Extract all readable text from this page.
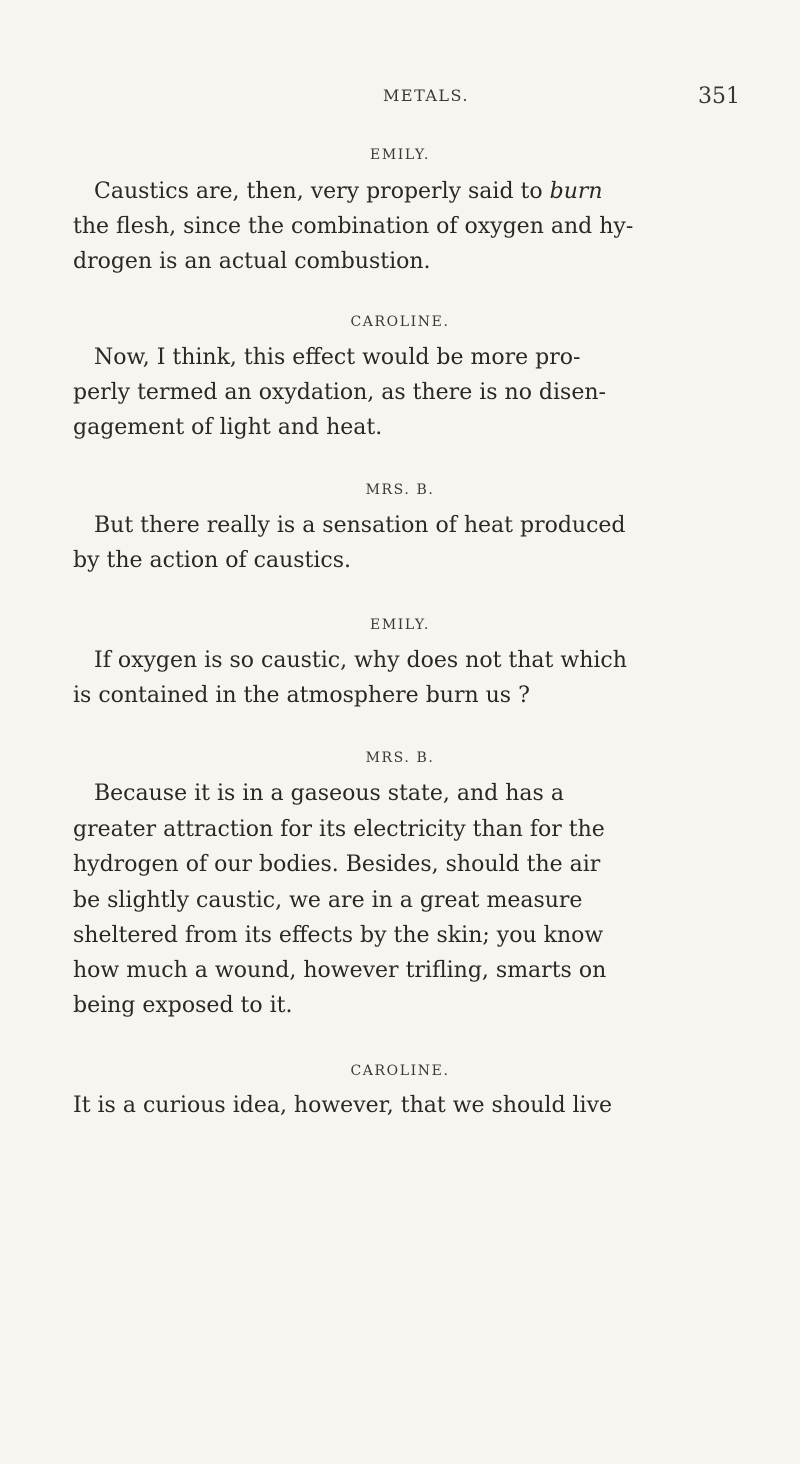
METALS.	351
EMILY.
Caustics are, then, very properly said to burn
the flesh, since the combination of oxygen and hy-
drogen is an actual combustion.
CAROLINE.
Now, I think, this effect would be more pro-
perly termed an oxydation, as there is no disen-
gagement of light and heat.
MRS. B.
But there really is a sensation of heat produced
by the action of caustics.
EMILY.
If oxygen is so caustic, why does not that which
is contained in the atmosphere burn us ?
MRS. B.
Because it is in a gaseous state, and has a
greater attraction for its electricity than for the
hydrogen of our bodies. Besides, should the air
be slightly caustic, we are in a great measure
sheltered from its effects by the skin; you know
how much a wound, however trifling, smarts on
being exposed to it.
CAROLINE.
It is a curious idea, however, that we should live
